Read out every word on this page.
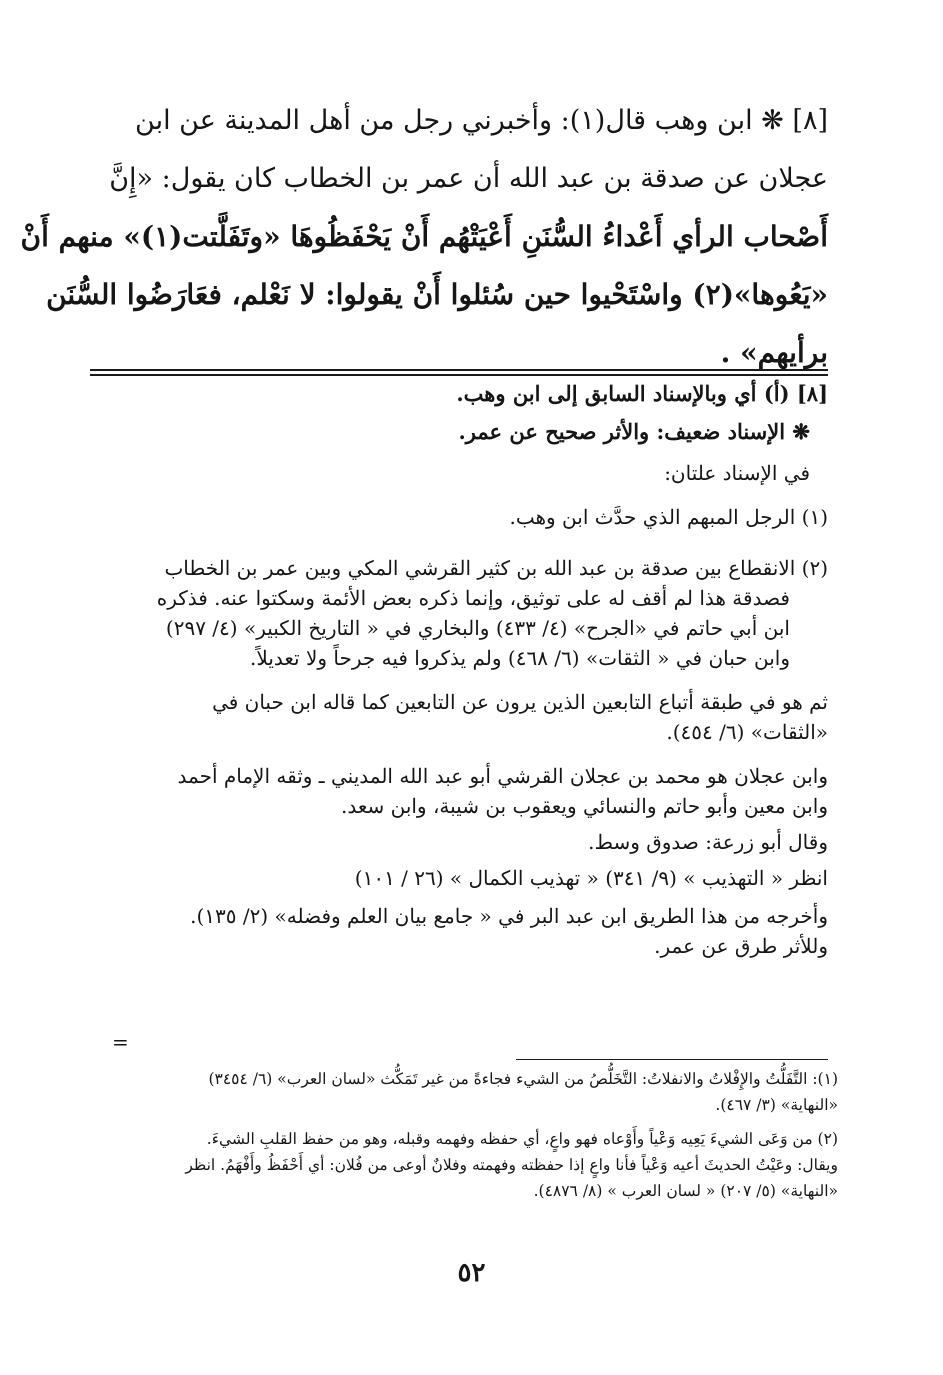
[٨] ❋ ابن وهب قال(١): وأخبرني رجل من أهل المدينة عن ابن
عجلان عن صدقة بن عبد الله أن عمر بن الخطاب كان يقول: «إِنَّ
أَصْحاب الرأي أَعْداءُ السُّنَنِ أَعْيَتْهُم أَنْ يَحْفَظُوهَا «وتَفَلَّتت(١)» منهم أَنْ
«يَعُوها»(٢) واسْتَحْيوا حين سُئلوا أَنْ يقولوا: لا نَعْلم، فعَارَضُوا السُّنَن
برأيهم» .
[٨] (أ) أي وبالإسناد السابق إلى ابن وهب.
❋ الإسناد ضعيف: والأثر صحيح عن عمر.
في الإسناد علتان:
(١) الرجل المبهم الذي حدَّث ابن وهب.
(٢) الانقطاع بين صدقة بن عبد الله بن كثير القرشي المكي وبين عمر بن الخطاب
فصدقة هذا لم أقف له على توثيق، وإنما ذكره بعض الأئمة وسكتوا عنه. فذكره
ابن أبي حاتم في «الجرح» (٤/ ٤٣٣) والبخاري في « التاريخ الكبير» (٤/ ٢٩٧)
وابن حبان في « الثقات» (٦/ ٤٦٨) ولم يذكروا فيه جرحاً ولا تعديلاً.
ثم هو في طبقة أتباع التابعين الذين يرون عن التابعين كما قاله ابن حبان في
«الثقات» (٦/ ٤٥٤).
وابن عجلان هو محمد بن عجلان القرشي أبو عبد الله المديني ـ وثقه الإمام أحمد
وابن معين وأبو حاتم والنسائي ويعقوب بن شيبة، وابن سعد.
وقال أبو زرعة: صدوق وسط.
انظر « التهذيب » (٩/ ٣٤١) « تهذيب الكمال » (٢٦ / ١٠١)
وأخرجه من هذا الطريق ابن عبد البر في « جامع بيان العلم وفضله» (٢/ ١٣٥).
وللأثر طرق عن عمر.
=
(١): التَّفَلُّتُ والإِفْلاتُ والانفلاتُ: التَّخَلُّصُ من الشيء فجاءةً من غير تَمَكُّث «لسان العرب» (٦/ ٣٤٥٤)
«النهاية» (٣/ ٤٦٧).
(٢) من وَعَى الشيءَ يَعِيه وَعْياً وأَوْعاه فهو واعٍ، أي حفظه وفهمه وقبله، وهو من حفظ القلبِ الشيءَ.
ويقال: وعَيْتُ الحديثَ أعيه وَعْياً فأنا واعٍ إذا حفظته وفهمته وفلانٌ أوعى من فُلان: أي أَحْفَظُ وأَفْهَمُ. انظر
«النهاية» (٥/ ٢٠٧) « لسان العرب » (٨/ ٤٨٧٦).
٥٢
